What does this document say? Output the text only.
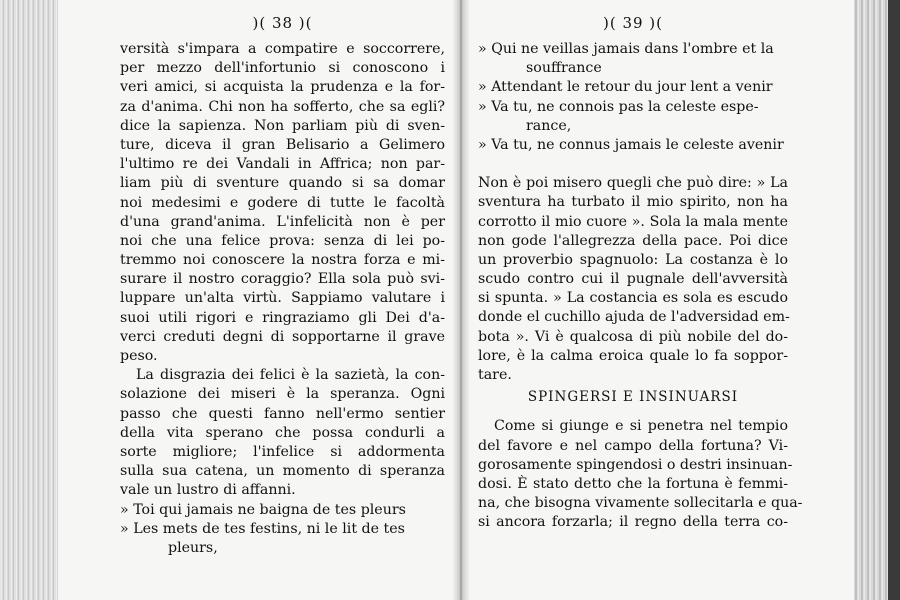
)( 38 )(
versità s'impara a compatire e soccorrere,
per mezzo dell'infortunio si conoscono i
veri amici, si acquista la prudenza e la for-
za d'anima. Chi non ha sofferto, che sa egli?
dice la sapienza. Non parliam più di sven-
ture, diceva il gran Belisario a Gelimero
l'ultimo re dei Vandali in Affrica; non par-
liam più di sventure quando si sa domar
noi medesimi e godere di tutte le facoltà
d'una grand'anima. L'infelicità non è per
noi che una felice prova: senza di lei po-
tremmo noi conoscere la nostra forza e mi-
surare il nostro coraggio? Ella sola può svi-
luppare un'alta virtù. Sappiamo valutare i
suoi utili rigori e ringraziamo gli Dei d'a-
verci creduti degni di sopportarne il grave
peso.
La disgrazia dei felici è la sazietà, la con-
solazione dei miseri è la speranza. Ogni
passo che questi fanno nell'ermo sentier
della vita sperano che possa condurli a
sorte migliore; l'infelice si addormenta
sulla sua catena, un momento di speranza
vale un lustro di affanni.
» Toi qui jamais ne baigna de tes pleurs
» Les mets de tes festins, ni le lit de tes
pleurs,
)( 39 )(
» Qui ne veillas jamais dans l'ombre et la
souffrance
» Attendant le retour du jour lent a venir
» Va tu, ne connois pas la celeste espe-
rance,
» Va tu, ne connus jamais le celeste avenir
Non è poi misero quegli che può dire: » La
sventura ha turbato il mio spirito, non ha
corrotto il mio cuore ». Sola la mala mente
non gode l'allegrezza della pace. Poi dice
un proverbio spagnuolo: La costanza è lo
scudo contro cui il pugnale dell'avversità
si spunta. » La costancia es sola es escudo
donde el cuchillo ajuda de l'adversidad em-
bota ». Vi è qualcosa di più nobile del do-
lore, è la calma eroica quale lo fa soppor-
tare.
SPINGERSI E INSINUARSI
Come si giunge e si penetra nel tempio
del favore e nel campo della fortuna? Vi-
gorosamente spingendosi o destri insinuan-
dosi. È stato detto che la fortuna è femmi-
na, che bisogna vivamente sollecitarla e qua-
si ancora forzarla; il regno della terra co-
